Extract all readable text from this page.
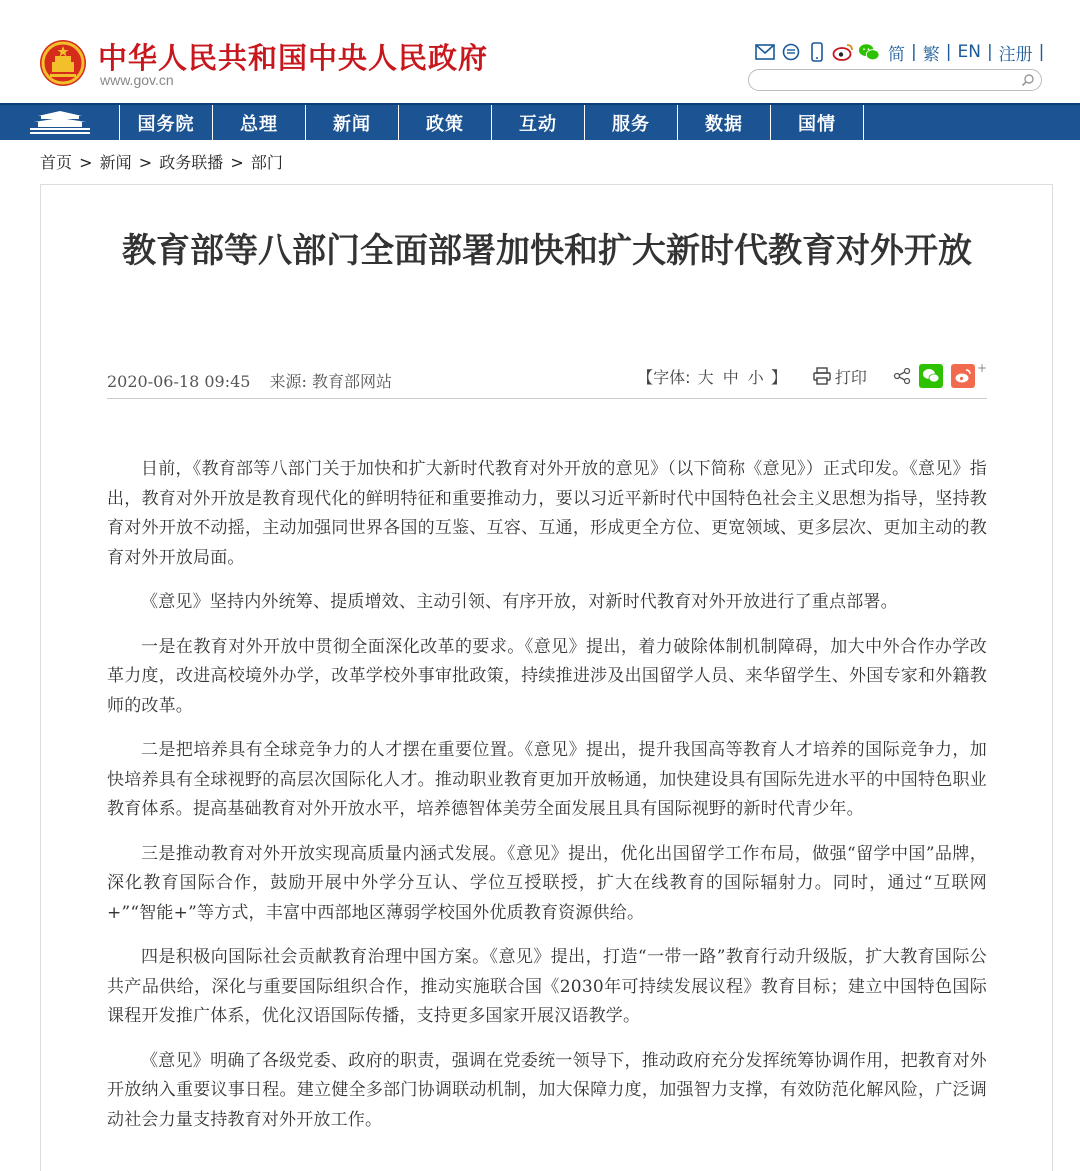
中华人民共和国中央人民政府
www.gov.cn
简 | 繁 | EN | 注册 |
国务院	总理	新闻	政策	互动	服务	数据	国情
首页 > 新闻 > 政务联播 > 部门
教育部等八部门全面部署加快和扩大新时代教育对外开放
2020-06-18 09:45 来源: 教育部网站	【字体: 大 中 小 】	打印	+

日前，《教育部等八部门关于加快和扩大新时代教育对外开放的意见》（以下简称《意见》）正式印发。《意见》指出，教育对外开放是教育现代化的鲜明特征和重要推动力，要以习近平新时代中国特色社会主义思想为指导，坚持教育对外开放不动摇，主动加强同世界各国的互鉴、互容、互通，形成更全方位、更宽领域、更多层次、更加主动的教育对外开放局面。

《意见》坚持内外统筹、提质增效、主动引领、有序开放，对新时代教育对外开放进行了重点部署。

一是在教育对外开放中贯彻全面深化改革的要求。《意见》提出，着力破除体制机制障碍，加大中外合作办学改革力度，改进高校境外办学，改革学校外事审批政策，持续推进涉及出国留学人员、来华留学生、外国专家和外籍教师的改革。

二是把培养具有全球竞争力的人才摆在重要位置。《意见》提出，提升我国高等教育人才培养的国际竞争力，加快培养具有全球视野的高层次国际化人才。推动职业教育更加开放畅通，加快建设具有国际先进水平的中国特色职业教育体系。提高基础教育对外开放水平，培养德智体美劳全面发展且具有国际视野的新时代青少年。

三是推动教育对外开放实现高质量内涵式发展。《意见》提出，优化出国留学工作布局，做强“留学中国”品牌，深化教育国际合作，鼓励开展中外学分互认、学位互授联授，扩大在线教育的国际辐射力。同时，通过“互联网+”“智能+”等方式，丰富中西部地区薄弱学校国外优质教育资源供给。

四是积极向国际社会贡献教育治理中国方案。《意见》提出，打造“一带一路”教育行动升级版，扩大教育国际公共产品供给，深化与重要国际组织合作，推动实施联合国《2030年可持续发展议程》教育目标；建立中国特色国际课程开发推广体系，优化汉语国际传播，支持更多国家开展汉语教学。

《意见》明确了各级党委、政府的职责，强调在党委统一领导下，推动政府充分发挥统筹协调作用，把教育对外开放纳入重要议事日程。建立健全多部门协调联动机制，加大保障力度，加强智力支撑，有效防范化解风险，广泛调动社会力量支持教育对外开放工作。
